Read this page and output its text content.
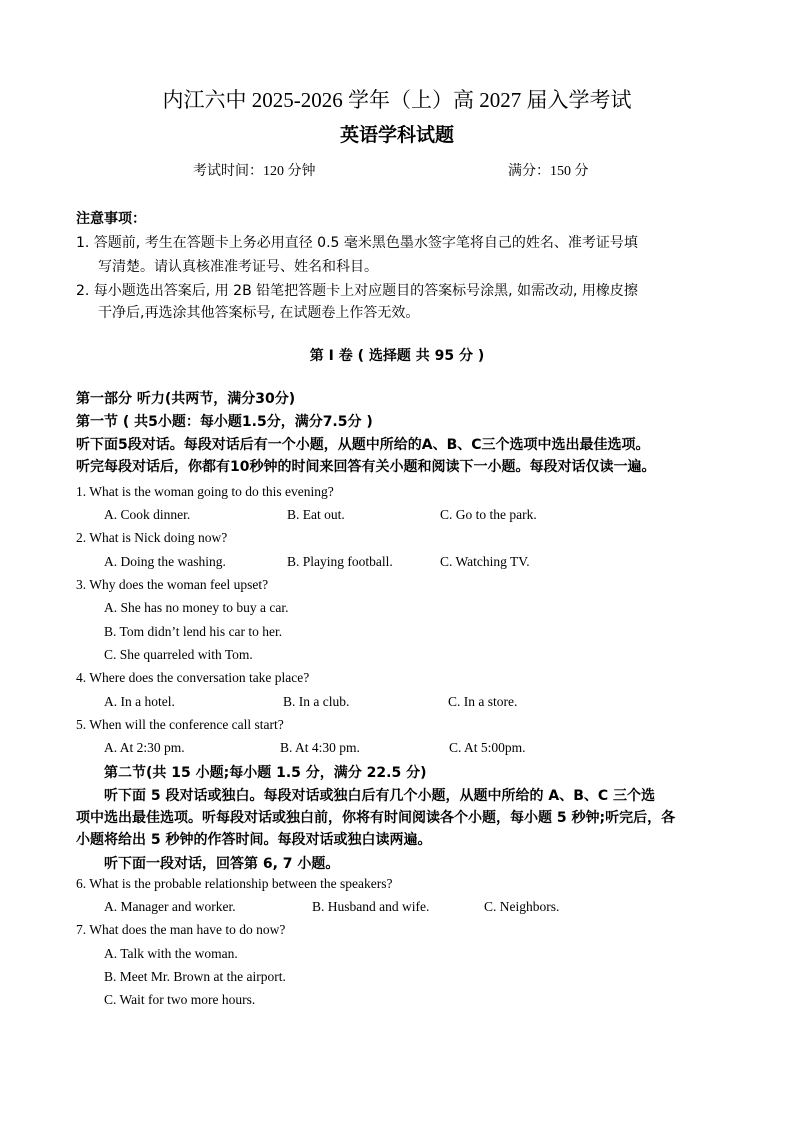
内江六中 2025-2026 学年（上）高 2027 届入学考试
英语学科试题
考试时间：120 分钟	满分：150 分
注意事项：
1. 答题前, 考生在答题卡上务必用直径 0.5 毫米黑色墨水签字笔将自己的姓名、准考证号填
写清楚。请认真核准准考证号、姓名和科目。
2. 每小题选出答案后, 用 2B 铅笔把答题卡上对应题目的答案标号涂黑, 如需改动, 用橡皮擦
干净后,再选涂其他答案标号, 在试题卷上作答无效。
第 I 卷 ( 选择题 共 95 分 )
第一部分 听力(共两节，满分30分)
第一节 ( 共5小题：每小题1.5分，满分7.5分 )
听下面5段对话。每段对话后有一个小题，从题中所给的A、B、C三个选项中选出最佳选项。
听完每段对话后，你都有10秒钟的时间来回答有关小题和阅读下一小题。每段对话仅读一遍。
1. What is the woman going to do this evening?
A. Cook dinner.	B. Eat out.	C. Go to the park.
2. What is Nick doing now?
A. Doing the washing.	B. Playing football.	C. Watching TV.
3. Why does the woman feel upset?
A. She has no money to buy a car.
B. Tom didn’t lend his car to her.
C. She quarreled with Tom.
4. Where does the conversation take place?
A. In a hotel.	B. In a club.	C. In a store.
5. When will the conference call start?
A. At 2:30 pm.	B. At 4:30 pm.	C. At 5:00pm.
第二节(共 15 小题;每小题 1.5 分，满分 22.5 分)
听下面 5 段对话或独白。每段对话或独白后有几个小题，从题中所给的 A、B、C 三个选
项中选出最佳选项。听每段对话或独白前，你将有时间阅读各个小题，每小题 5 秒钟;听完后，各
小题将给出 5 秒钟的作答时间。每段对话或独白读两遍。
听下面一段对话，回答第 6, 7 小题。
6. What is the probable relationship between the speakers?
A. Manager and worker.	B. Husband and wife.	C. Neighbors.
7. What does the man have to do now?
A. Talk with the woman.
B. Meet Mr. Brown at the airport.
C. Wait for two more hours.
